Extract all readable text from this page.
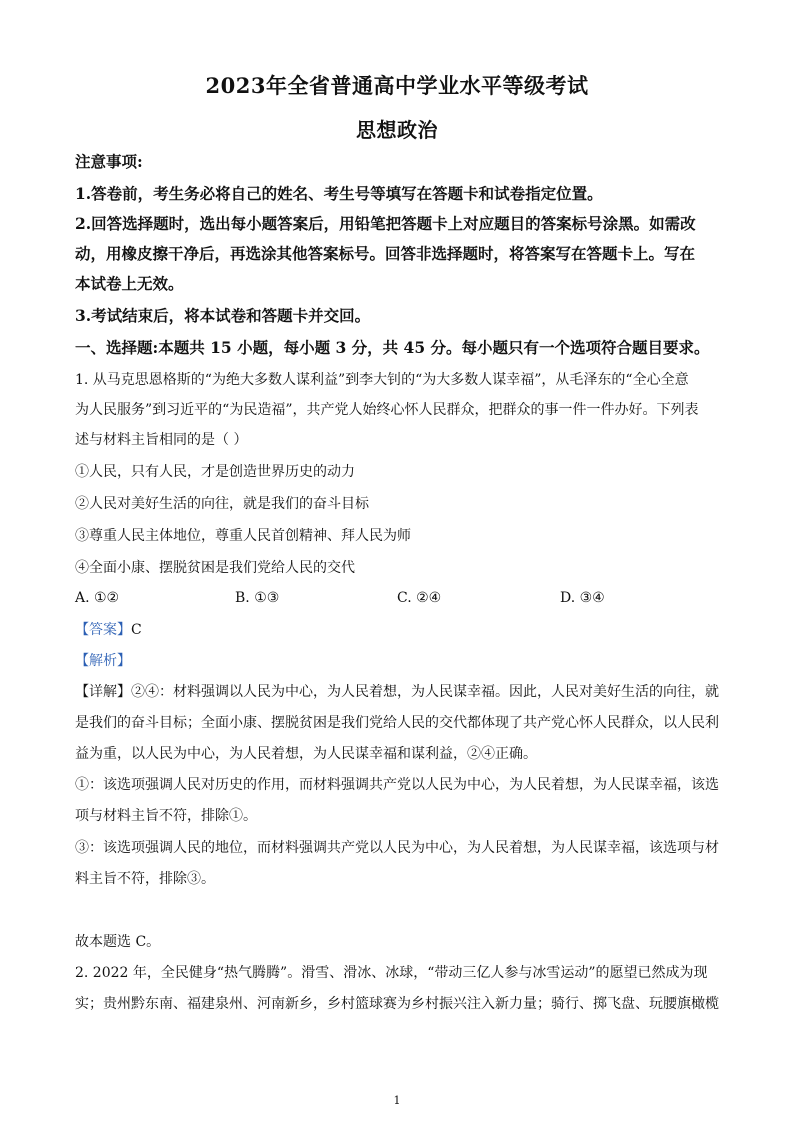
2023年全省普通高中学业水平等级考试
思想政治
注意事项:
1.答卷前，考生务必将自己的姓名、考生号等填写在答题卡和试卷指定位置。
2.回答选择题时，选出每小题答案后，用铅笔把答题卡上对应题目的答案标号涂黑。如需改
动，用橡皮擦干净后，再选涂其他答案标号。回答非选择题时，将答案写在答题卡上。写在
本试卷上无效。
3.考试结束后，将本试卷和答题卡并交回。
一、选择题:本题共 15 小题，每小题 3 分，共 45 分。每小题只有一个选项符合题目要求。
1. 从马克思恩格斯的“为绝大多数人谋利益”到李大钊的“为大多数人谋幸福”，从毛泽东的“全心全意
为人民服务”到习近平的“为民造福”，共产党人始终心怀人民群众，把群众的事一件一件办好。下列表
述与材料主旨相同的是（ ）
①人民，只有人民，才是创造世界历史的动力
②人民对美好生活的向往，就是我们的奋斗目标
③尊重人民主体地位，尊重人民首创精神、拜人民为师
④全面小康、摆脱贫困是我们党给人民的交代
A. ①②	B. ①③	C. ②④	D. ③④
【答案】C
【解析】
【详解】②④：材料强调以人民为中心，为人民着想，为人民谋幸福。因此，人民对美好生活的向往，就
是我们的奋斗目标；全面小康、摆脱贫困是我们党给人民的交代都体现了共产党心怀人民群众，以人民利
益为重，以人民为中心，为人民着想，为人民谋幸福和谋利益，②④正确。
①：该选项强调人民对历史的作用，而材料强调共产党以人民为中心，为人民着想，为人民谋幸福，该选
项与材料主旨不符，排除①。
③：该选项强调人民的地位，而材料强调共产党以人民为中心，为人民着想，为人民谋幸福，该选项与材
料主旨不符，排除③。
故本题选 C。
2. 2022 年，全民健身“热气腾腾”。滑雪、滑冰、冰球，“带动三亿人参与冰雪运动”的愿望已然成为现
实；贵州黔东南、福建泉州、河南新乡，乡村篮球赛为乡村振兴注入新力量；骑行、掷飞盘、玩腰旗橄榄
1
